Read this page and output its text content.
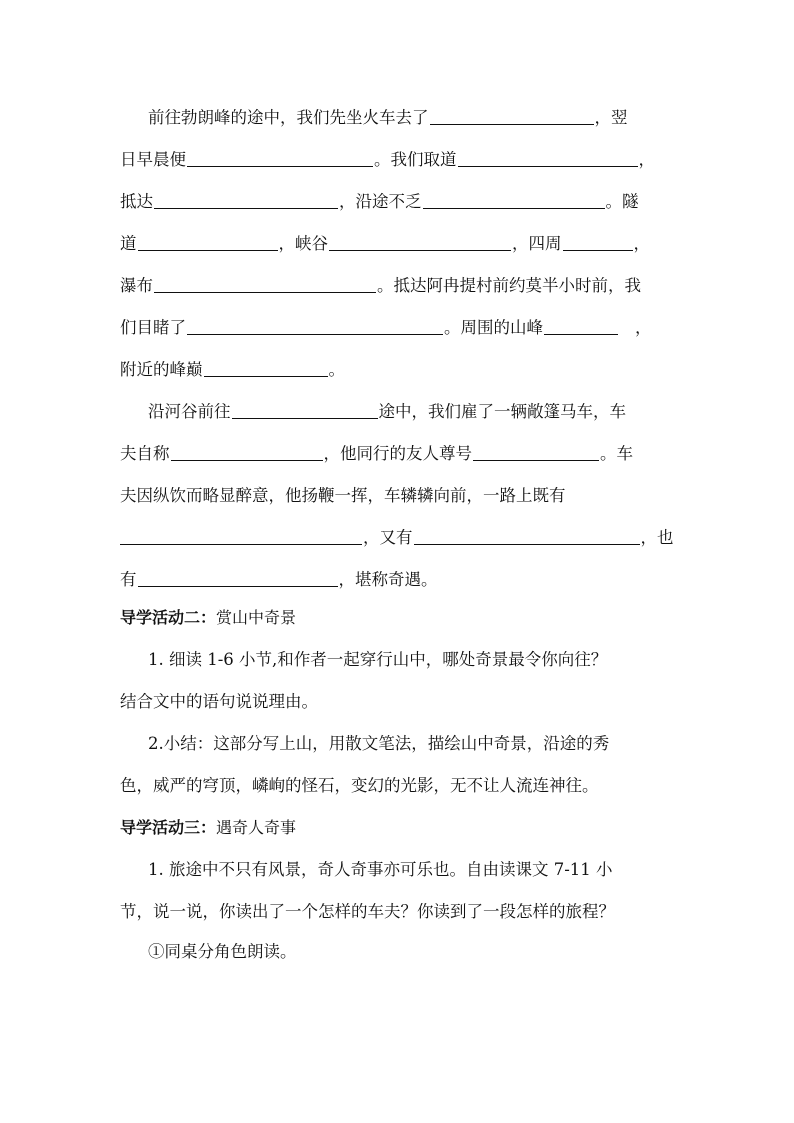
前往勃朗峰的途中，我们先坐火车去了	，翌
日早晨便	。我们取道	，
抵达	，沿途不乏	。隧
道	，峡谷	，四周	，
瀑布	。抵达阿冉提村前约莫半小时前，我
们目睹了	。周围的山峰	，
附近的峰巅	。
沿河谷前往	途中，我们雇了一辆敞篷马车，车
夫自称	，他同行的友人尊号	。车
夫因纵饮而略显醉意，他扬鞭一挥，车辚辚向前，一路上既有
，又有	，也
有	，堪称奇遇。
导学活动二：赏山中奇景
1. 细读 1-6 小节,和作者一起穿行山中，哪处奇景最令你向往？
结合文中的语句说说理由。
2.小结：这部分写上山，用散文笔法，描绘山中奇景，沿途的秀
色，威严的穹顶，嶙峋的怪石，变幻的光影，无不让人流连神往。
导学活动三：遇奇人奇事
1. 旅途中不只有风景，奇人奇事亦可乐也。自由读课文 7-11 小
节，说一说，你读出了一个怎样的车夫？你读到了一段怎样的旅程？
①同桌分角色朗读。
